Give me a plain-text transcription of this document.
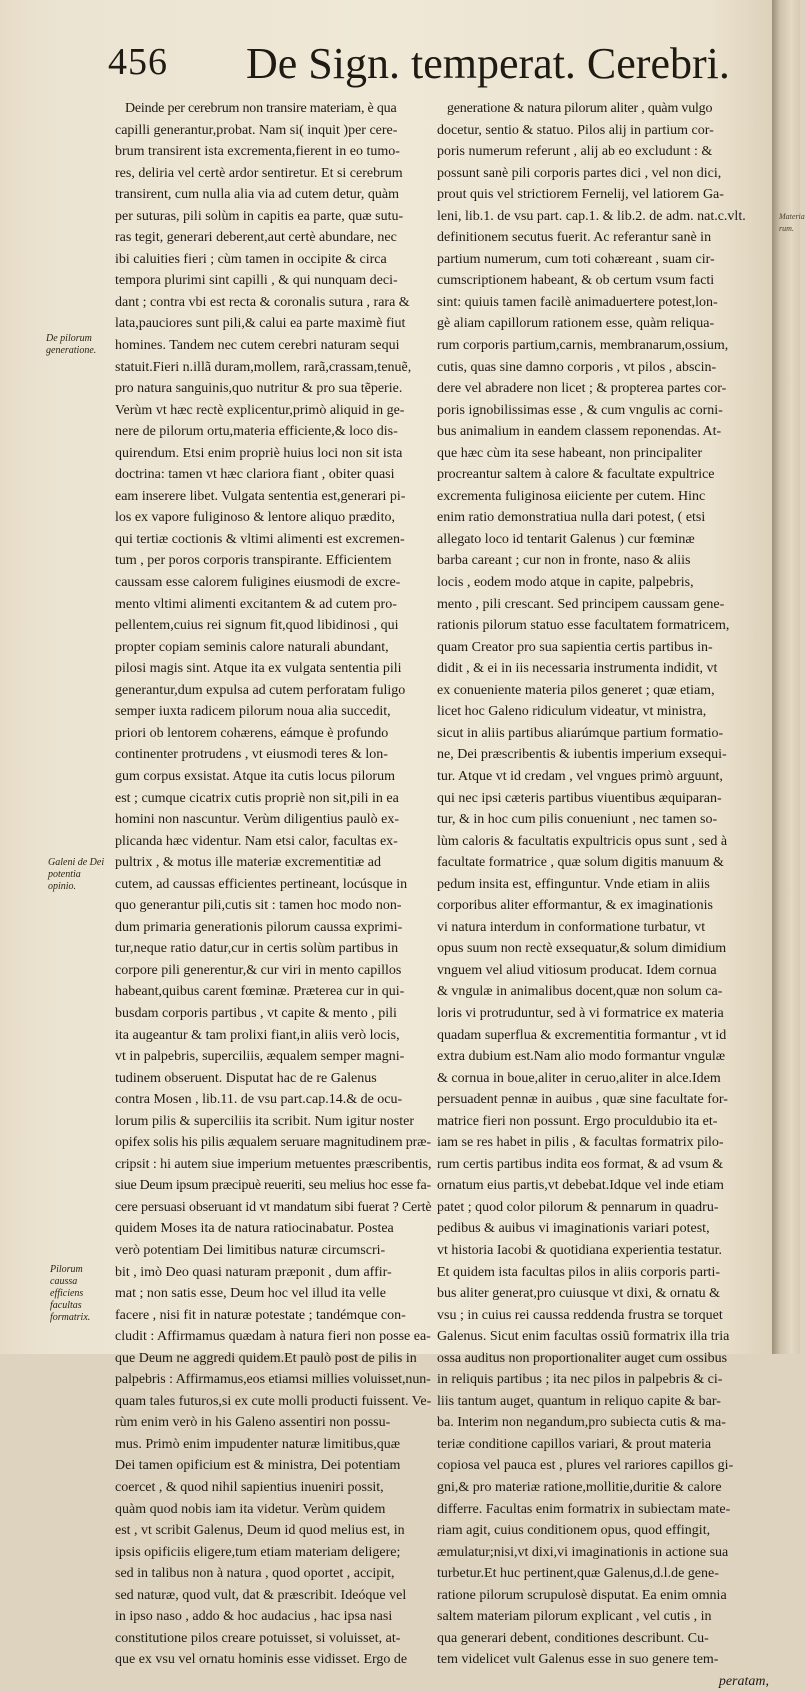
456 De Sign. temperat. Cerebri.
De pilorum generatione.
Galeni de Dei potentia opinio.
Pilorum caussa efficiens facultas formatrix.
Deinde per cerebrum non transire materiam, è qua
capilli generantur,probat. Nam si( inquit )per cere-
brum transirent ista excrementa,fierent in eo tumo-
res, deliria vel certè ardor sentiretur. Et si cerebrum
transirent, cum nulla alia via ad cutem detur, quàm
per suturas, pili solùm in capitis ea parte, quæ sutu-
ras tegit, generari deberent,aut certè abundare, nec
ibi caluities fieri ; cùm tamen in occipite & circa
tempora plurimi sint capilli , & qui nunquam deci-
dant ; contra vbi est recta & coronalis sutura , rara &
lata,pauciores sunt pili,& calui ea parte maximè fiut
homines. Tandem nec cutem cerebri naturam sequi
statuit.Fieri n.illã duram,mollem, rarã,crassam,tenuẽ,
pro natura sanguinis,quo nutritur & pro sua tẽperie.
Verùm vt hæc rectè explicentur,primò aliquid in ge-
nere de pilorum ortu,materia efficiente,& loco dis-
quirendum. Etsi enim propriè huius loci non sit ista
doctrina: tamen vt hæc clariora fiant , obiter quasi
eam inserere libet. Vulgata sententia est,generari pi-
los ex vapore fuliginoso & lentore aliquo prædito,
qui tertiæ coctionis & vltimi alimenti est excremen-
tum , per poros corporis transpirante. Efficientem
caussam esse calorem fuligines eiusmodi de excre-
mento vltimi alimenti excitantem & ad cutem pro-
pellentem,cuius rei signum fit,quod libidinosi , qui
propter copiam seminis calore naturali abundant,
pilosi magis sint. Atque ita ex vulgata sententia pili
generantur,dum expulsa ad cutem perforatam fuligo
semper iuxta radicem pilorum noua alia succedit,
priori ob lentorem cohærens, eámque è profundo
continenter protrudens , vt eiusmodi teres & lon-
gum corpus exsistat. Atque ita cutis locus pilorum
est ; cumque cicatrix cutis propriè non sit,pili in ea
homini non nascuntur. Verùm diligentius paulò ex-
plicanda hæc videntur. Nam etsi calor, facultas ex-
pultrix , & motus ille materiæ excrementitiæ ad
cutem, ad caussas efficientes pertineant, locúsque in
quo generantur pili,cutis sit : tamen hoc modo non-
dum primaria generationis pilorum caussa exprimi-
tur,neque ratio datur,cur in certis solùm partibus in
corpore pili generentur,& cur viri in mento capillos
habeant,quibus carent fœminæ. Præterea cur in qui-
busdam corporis partibus , vt capite & mento , pili
ita augeantur & tam prolixi fiant,in aliis verò locis,
vt in palpebris, superciliis, æqualem semper magni-
tudinem obseruent. Disputat hac de re Galenus
contra Mosen , lib.11. de vsu part.cap.14.& de ocu-
lorum pilis & superciliis ita scribit. Num igitur noster
opifex solis his pilis æqualem seruare magnitudinem præ-
cripsit : hi autem siue imperium metuentes præscribentis,
siue Deum ipsum præcipuè reueriti, seu melius hoc esse fa-
cere persuasi obseruant id vt mandatum sibi fuerat ? Certè
quidem Moses ita de natura ratiocinabatur. Postea
verò potentiam Dei limitibus naturæ circumscri-
bit , imò Deo quasi naturam præponit , dum affir-
mat ; non satis esse, Deum hoc vel illud ita velle
facere , nisi fit in naturæ potestate ; tandémque con-
cludit : Affirmamus quædam à natura fieri non posse ea-
que Deum ne aggredi quidem.Et paulò post de pilis in
palpebris : Affirmamus,eos etiamsi millies voluisset,nun-
quam tales futuros,si ex cute molli producti fuissent. Ve-
rùm enim verò in his Galeno assentiri non possu-
mus. Primò enim impudenter naturæ limitibus,quæ
Dei tamen opificium est & ministra, Dei potentiam
coercet , & quod nihil sapientius inueniri possit,
quàm quod nobis iam ita videtur. Verùm quidem
est , vt scribit Galenus, Deum id quod melius est, in
ipsis opificiis eligere,tum etiam materiam deligere;
sed in talibus non à natura , quod oportet , accipit,
sed naturæ, quod vult, dat & præscribit. Ideóque vel
in ipso naso , addo & hoc audacius , hac ipsa nasi
constitutione pilos creare potuisset, si voluisset, at-
que ex vsu vel ornatu hominis esse vidisset. Ergo de
generatione & natura pilorum aliter , quàm vulgo
docetur, sentio & statuo. Pilos alij in partium cor-
poris numerum referunt , alij ab eo excludunt : &
possunt sanè pili corporis partes dici , vel non dici,
prout quis vel strictiorem Fernelij, vel latiorem Ga-
leni, lib.1. de vsu part. cap.1. & lib.2. de adm. nat.c.vlt.
definitionem secutus fuerit. Ac referantur sanè in
partium numerum, cum toti cohæreant , suam cir-
cumscriptionem habeant, & ob certum vsum facti
sint: quiuis tamen facilè animaduertere potest,lon-
gè aliam capillorum rationem esse, quàm reliqua-
rum corporis partium,carnis, membranarum,ossium,
cutis, quas sine damno corporis , vt pilos , abscin-
dere vel abradere non licet ; & propterea partes cor-
poris ignobilissimas esse , & cum vngulis ac corni-
bus animalium in eandem classem reponendas. At-
que hæc cùm ita sese habeant, non principaliter
procreantur saltem à calore & facultate expultrice
excrementa fuliginosa eiiciente per cutem. Hinc
enim ratio demonstratiua nulla dari potest, ( etsi
allegato loco id tentarit Galenus ) cur fœminæ
barba careant ; cur non in fronte, naso & aliis
locis , eodem modo atque in capite, palpebris,
mento , pili crescant. Sed principem caussam gene-
rationis pilorum statuo esse facultatem formatricem,
quam Creator pro sua sapientia certis partibus in-
didit , & ei in iis necessaria instrumenta indidit, vt
ex conueniente materia pilos generet ; quæ etiam,
licet hoc Galeno ridiculum videatur, vt ministra,
sicut in aliis partibus aliarúmque partium formatio-
ne, Dei præscribentis & iubentis imperium exsequi-
tur. Atque vt id credam , vel vngues primò arguunt,
qui nec ipsi cæteris partibus viuentibus æquiparan-
tur, & in hoc cum pilis conueniunt , nec tamen so-
lùm caloris & facultatis expultricis opus sunt , sed à
facultate formatrice , quæ solum digitis manuum &
pedum insita est, effinguntur. Vnde etiam in aliis
corporibus aliter efformantur, & ex imaginationis
vi natura interdum in conformatione turbatur, vt
opus suum non rectè exsequatur,& solum dimidium
vnguem vel aliud vitiosum producat. Idem cornua
& vngulæ in animalibus docent,quæ non solum ca-
loris vi protruduntur, sed à vi formatrice ex materia
quadam superflua & excrementitia formantur , vt id
extra dubium est.Nam alio modo formantur vngulæ
& cornua in boue,aliter in ceruo,aliter in alce.Idem
persuadent pennæ in auibus , quæ sine facultate for-
matrice fieri non possunt. Ergo proculdubio ita et-
iam se res habet in pilis , & facultas formatrix pilo-
rum certis partibus indita eos format, & ad vsum &
ornatum eius partis,vt debebat.Idque vel inde etiam
patet ; quod color pilorum & pennarum in quadru-
pedibus & auibus vi imaginationis variari potest,
vt historia Iacobi & quotidiana experientia testatur.
Et quidem ista facultas pilos in aliis corporis parti-
bus aliter generat,pro cuiusque vt dixi, & ornatu &
vsu ; in cuius rei caussa reddenda frustra se torquet
Galenus. Sicut enim facultas ossiũ formatrix illa tria
ossa auditus non proportionaliter auget cum ossibus
in reliquis partibus ; ita nec pilos in palpebris & ci-
liis tantum auget, quantum in reliquo capite & bar-
ba. Interim non negandum,pro subiecta cutis & ma-
teriæ conditione capillos variari, & prout materia
copiosa vel pauca est , plures vel rariores capillos gi-
gni,& pro materiæ ratione,mollitie,duritie & calore
differre. Facultas enim formatrix in subiectam mate-
riam agit, cuius conditionem opus, quod effingit,
æmulatur;nisi,vt dixi,vi imaginationis in actione sua
turbetur.Et huc pertinent,quæ Galenus,d.l.de gene-
ratione pilorum scrupulosè disputat. Ea enim omnia
saltem materiam pilorum explicant , vel cutis , in
qua generari debent, conditiones describunt. Cu-
tem videlicet vult Galenus esse in suo genere tem-
peratam,
Materia
rum.
